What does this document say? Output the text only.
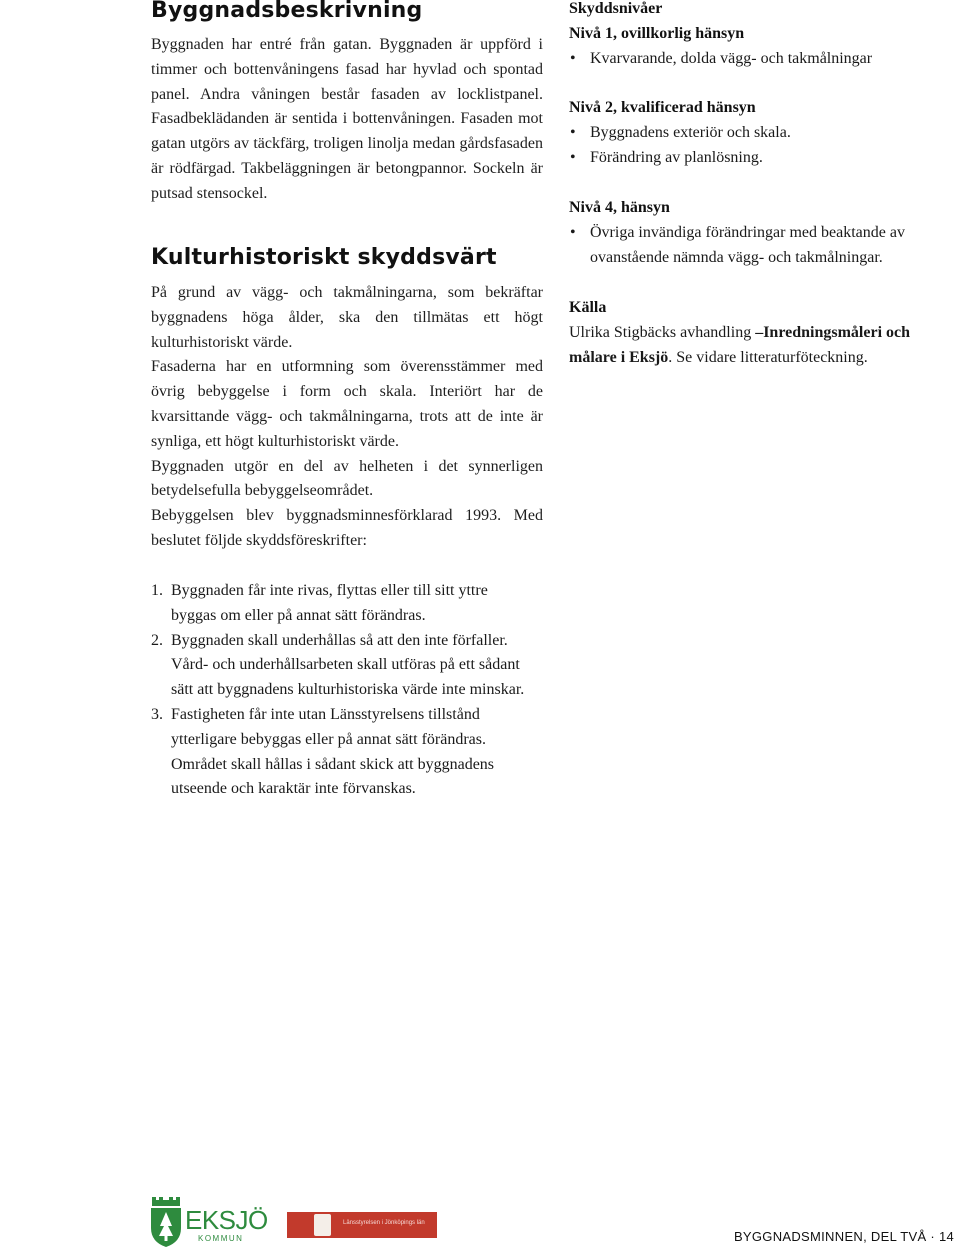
Byggnadsbeskrivning

Byggnaden har entré från gatan. Byggnaden är uppförd i timmer och bottenvåningens fasad har hyvlad och spontad panel. Andra våningen består fasaden av locklistpanel. Fasadbeklädanden är sentida i bottenvåningen. Fasaden mot gatan utgörs av täckfärg, troligen linolja medan gårdsfasaden är rödfärgad. Takbeläggningen är betongpannor. Sockeln är putsad stensockel.

Kulturhistoriskt skyddsvärt

På grund av vägg- och takmålningarna, som bekräftar byggnadens höga ålder, ska den tillmätas ett högt kulturhistoriskt värde.

Fasaderna har en utformning som överensstämmer med övrig bebyggelse i form och skala. Interiört har de kvarsittande vägg- och takmålningarna, trots att de inte är synliga, ett högt kulturhistoriskt värde.

Byggnaden utgör en del av helheten i det synnerligen betydelsefulla bebyggelseområdet.

Bebyggelsen blev byggnadsminnesförklarad 1993. Med beslutet följde skyddsföreskrifter:

1. Byggnaden får inte rivas, flyttas eller till sitt yttre byggas om eller på annat sätt förändras.
2. Byggnaden skall underhållas så att den inte förfaller. Vård- och underhållsarbeten skall utföras på ett sådant sätt att byggnadens kulturhistoriska värde inte minskar.
3. Fastigheten får inte utan Länsstyrelsens tillstånd ytterligare bebyggas eller på annat sätt förändras. Området skall hållas i sådant skick att byggnadens utseende och karaktär inte förvanskas.
Skyddsnivåer
Nivå 1, ovillkorlig hänsyn
• Kvarvarande, dolda vägg- och takmålningar
Nivå 2, kvalificerad hänsyn
• Byggnadens exteriör och skala.
• Förändring av planlösning.
Nivå 4, hänsyn
• Övriga invändiga förändringar med beaktande av ovanstående nämnda vägg- och takmålningar.
Källa
Ulrika Stigbäcks avhandling –Inredningsmåleri och målare i Eksjö. Se vidare litteraturföteckning.
EKSJÖ
KOMMUN
Länsstyrelsen i Jönköpings län
BYGGNADSMINNEN, DEL TVÅ · 14
